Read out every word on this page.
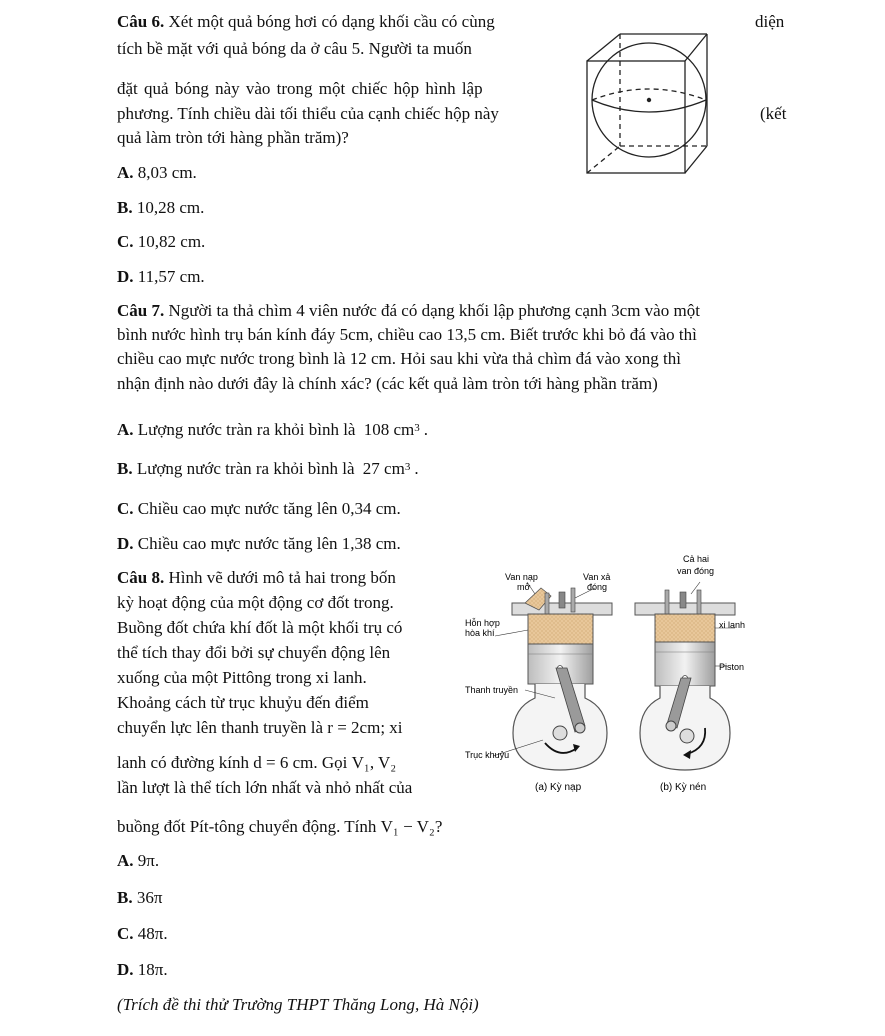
Câu 6. Xét một quả bóng hơi có dạng khối cầu có cùng	diện
tích bề mặt với quả bóng da ở câu 5. Người ta muốn
đặt quả bóng này vào trong một chiếc hộp hình lập
phương. Tính chiều dài tối thiểu của cạnh chiếc hộp này	(kết
quả làm tròn tới hàng phần trăm)?
A. 8,03 cm.
B. 10,28 cm.
C. 10,82 cm.
D. 11,57 cm.
Câu 7. Người ta thả chìm 4 viên nước đá có dạng khối lập phương cạnh 3cm vào một
bình nước hình trụ bán kính đáy 5cm, chiều cao 13,5 cm. Biết trước khi bỏ đá vào thì
chiều cao mực nước trong bình là 12 cm. Hỏi sau khi vừa thả chìm đá vào xong thì
nhận định nào dưới đây là chính xác? (các kết quả làm tròn tới hàng phần trăm)
A. Lượng nước tràn ra khỏi bình là 108 $cm^3$ .
B. Lượng nước tràn ra khỏi bình là 27 $cm^3$ .
C. Chiều cao mực nước tăng lên 0,34 cm.
D. Chiều cao mực nước tăng lên 1,38 cm.
Câu 8. Hình vẽ dưới mô tả hai trong bốn
kỳ hoạt động của một động cơ đốt trong.
Buồng đốt chứa khí đốt là một khối trụ có
thể tích thay đổi bởi sự chuyển động lên
xuống của một Pittông trong xi lanh.
Khoảng cách từ trục khuỷu đến điểm
chuyển lực lên thanh truyền là r = 2cm; xi
lanh có đường kính d = 6 cm. Gọi V₁, V₂
lần lượt là thể tích lớn nhất và nhỏ nhất của
buồng đốt Pít-tông chuyển động. Tính V₁ − V₂?
A. 9π.
B. 36π
C. 48π.
D. 18π.
(Trích đề thi thử Trường THPT Thăng Long, Hà Nội)
Van nạp
mở
Van xả
đóng
Cả hai
van đóng
Hỗn hợp
hòa khí
xi lanh
Piston
Thanh truyền
Trục khuỷu
(a) Kỳ nạp	(b) Kỳ nén
